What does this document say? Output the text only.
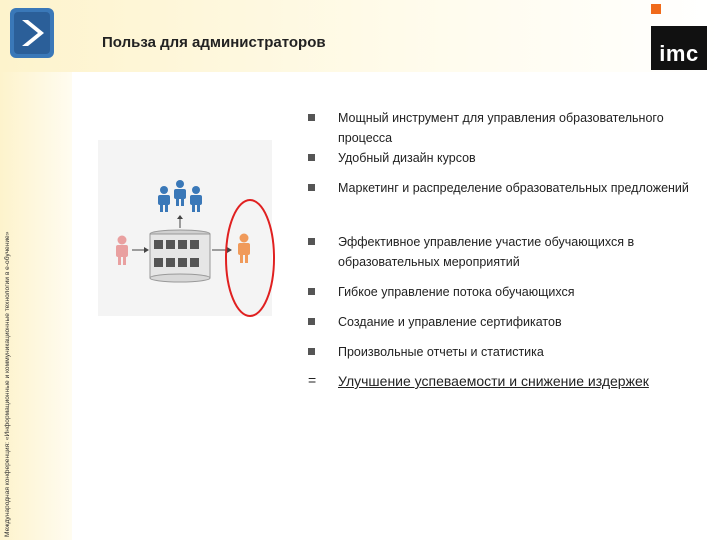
Польза для администраторов	imc
Международная конференция: «Информационные и коммуникационные технологии в e-обучение»
Мощный инструмент для управления образовательного процесса
Удобный дизайн курсов
Маркетинг и распределение образовательных предложений
Эффективное управление участие обучающихся в образовательных мероприятий
Гибкое управление потока обучающихся
Создание и управление сертификатов
Произвольные отчеты и статистика
= Улучшение успеваемости и снижение издержек
